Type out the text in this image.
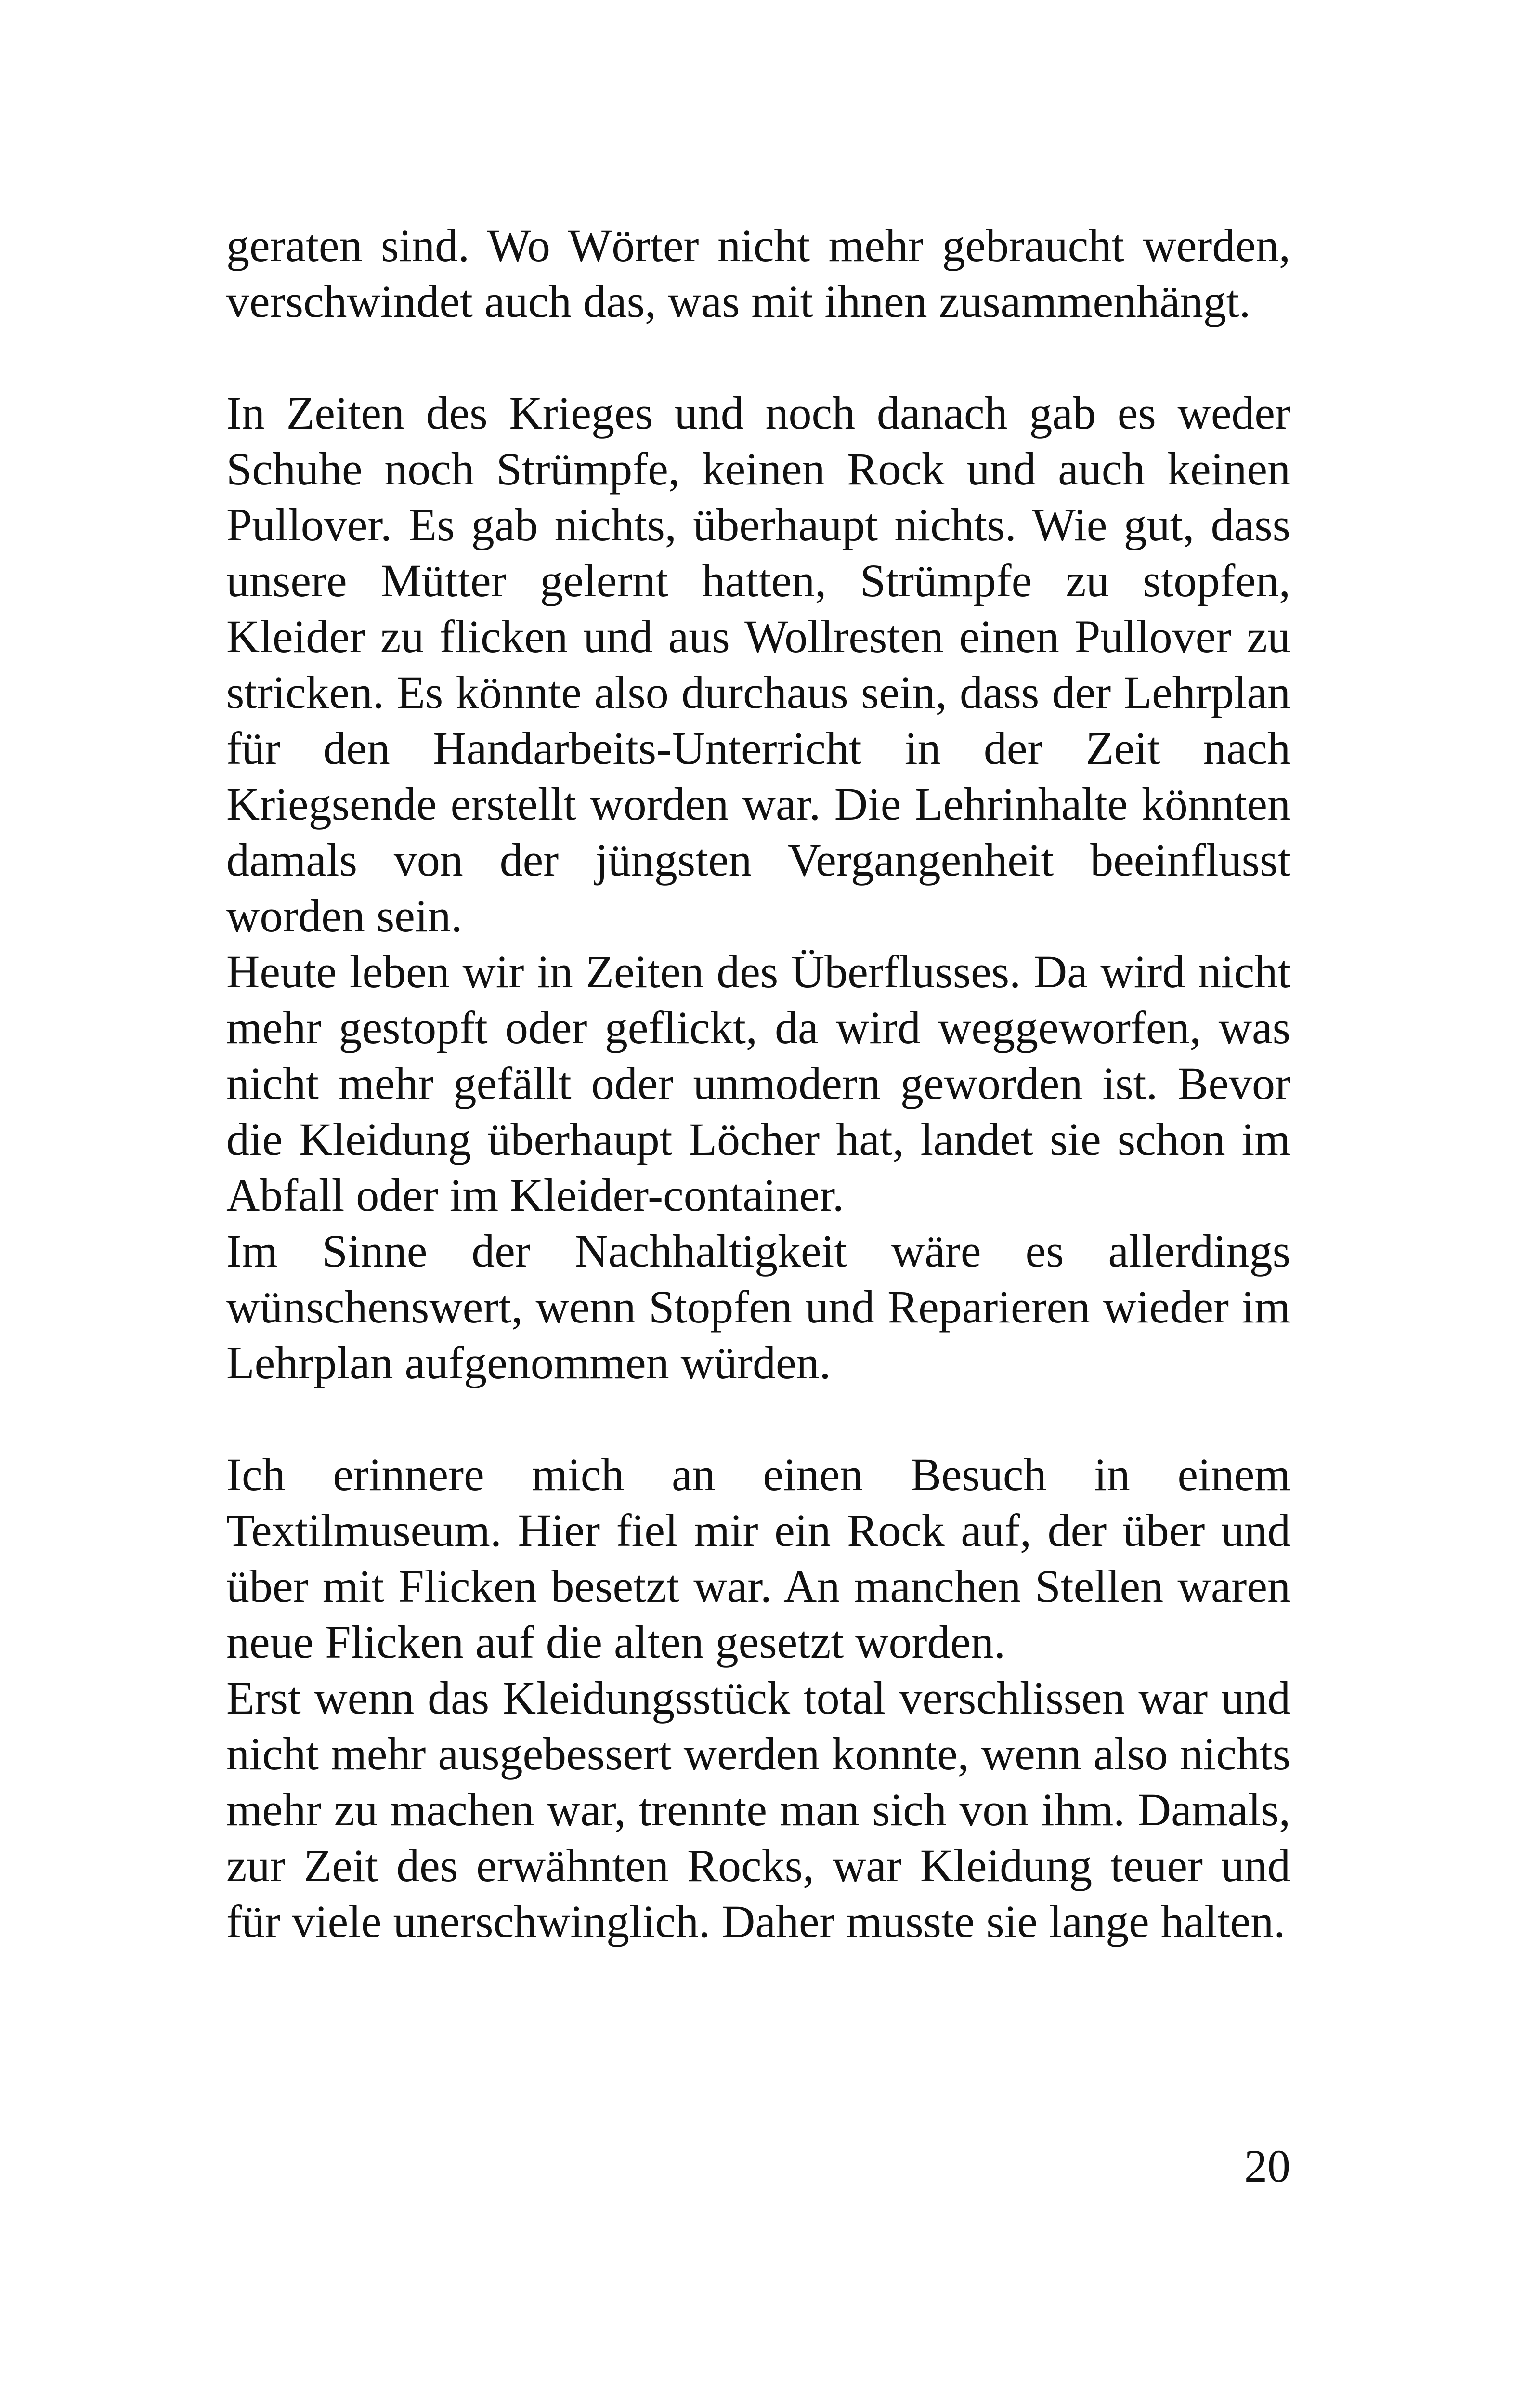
geraten sind. Wo Wörter nicht mehr gebraucht werden, verschwindet auch das, was mit ihnen zusammenhängt.

In Zeiten des Krieges und noch danach gab es weder Schuhe noch Strümpfe, keinen Rock und auch keinen Pullover. Es gab nichts, überhaupt nichts. Wie gut, dass unsere Mütter gelernt hatten, Strümpfe zu stopfen, Kleider zu flicken und aus Wollresten einen Pullover zu stricken. Es könnte also durchaus sein, dass der Lehrplan für den Handarbeits-Unterricht in der Zeit nach Kriegsende erstellt worden war. Die Lehrinhalte könnten damals von der jüngsten Vergangenheit beeinflusst worden sein.

Heute leben wir in Zeiten des Überflusses. Da wird nicht mehr gestopft oder geflickt, da wird weggeworfen, was nicht mehr gefällt oder unmodern geworden ist. Bevor die Kleidung überhaupt Löcher hat, landet sie schon im Abfall oder im Kleider-container.

Im Sinne der Nachhaltigkeit wäre es allerdings wünschenswert, wenn Stopfen und Reparieren wieder im Lehrplan aufgenommen würden.

Ich erinnere mich an einen Besuch in einem Textilmuseum. Hier fiel mir ein Rock auf, der über und über mit Flicken besetzt war. An manchen Stellen waren neue Flicken auf die alten gesetzt worden.

Erst wenn das Kleidungsstück total verschlissen war und nicht mehr ausgebessert werden konnte, wenn also nichts mehr zu machen war, trennte man sich von ihm. Damals, zur Zeit des erwähnten Rocks, war Kleidung teuer und für viele unerschwinglich. Daher musste sie lange halten.

20
